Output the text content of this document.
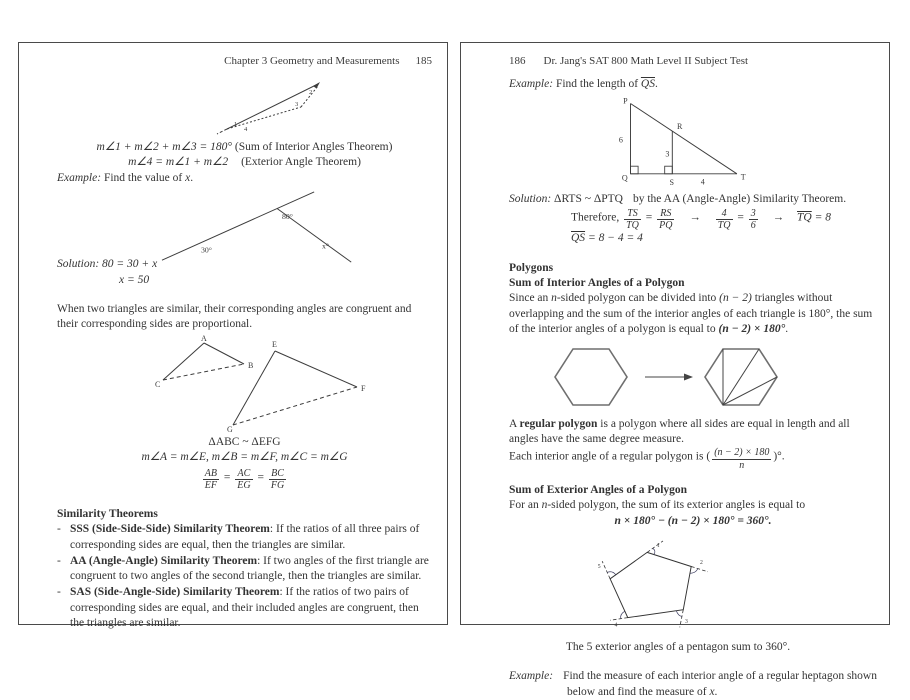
Chapter 3 Geometry and Measurements 185
1
4
2
3

m∠1 + m∠2 + m∠3 = 180° (Sum of Interior Angles Theorem)

m∠4 = m∠1 + m∠2 (Exterior Angle Theorem)

Example: Find the value of x.

30°
80°
x°

Solution: 80 = 30 + x

x = 50

When two triangles are similar, their corresponding angles are congruent and their corresponding sides are proportional.

A
B
C
E
F
G

ΔABC ~ ΔEFG

m∠A = m∠E, m∠B = m∠F, m∠C = m∠G

$\frac{AB}{EF} = \frac{AC}{EG} = \frac{BC}{FG}$

Similarity Theorems

- SSS (Side-Side-Side) Similarity Theorem: If the ratios of all three pairs of corresponding sides are equal, then the triangles are similar.
- AA (Angle-Angle) Similarity Theorem: If two angles of the first triangle are congruent to two angles of the second triangle, then the triangles are similar.
- SAS (Side-Angle-Side) Similarity Theorem: If the ratios of two pairs of corresponding sides are equal, and their included angles are congruent, then the triangles are similar.
186 Dr. Jang's SAT 800 Math Level II Subject Test

Example: Find the length of $\overline{QS}$.

P
Q	T
R
S
6
3
4

Solution: ΔRTS ~ ΔPTQ by the AA (Angle-Angle) Similarity Theorem.

Therefore, $\frac{TS}{TQ} = \frac{RS}{PQ} \to \frac{4}{TQ} = \frac{3}{6} \to \overline{TQ} = 8$

$\overline{QS} = 8 - 4 = 4$

Polygons

Sum of Interior Angles of a Polygon

Since an n-sided polygon can be divided into (n − 2) triangles without overlapping and the sum of the interior angles of each triangle is 180°, the sum of the interior angles of a polygon is equal to (n − 2) × 180°.

A regular polygon is a polygon where all sides are equal in length and all angles have the same degree measure.

Each interior angle of a regular polygon is ( $\frac{(n - 2) \times 180}{n}$ )°.

Sum of Exterior Angles of a Polygon

For an n-sided polygon, the sum of its exterior angles is equal to

n × 180° − (n − 2) × 180° = 360°.

1
2
3
4
5

The 5 exterior angles of a pentagon sum to 360°.

Example: Find the measure of each interior angle of a regular heptagon shown

below and find the measure of x.
